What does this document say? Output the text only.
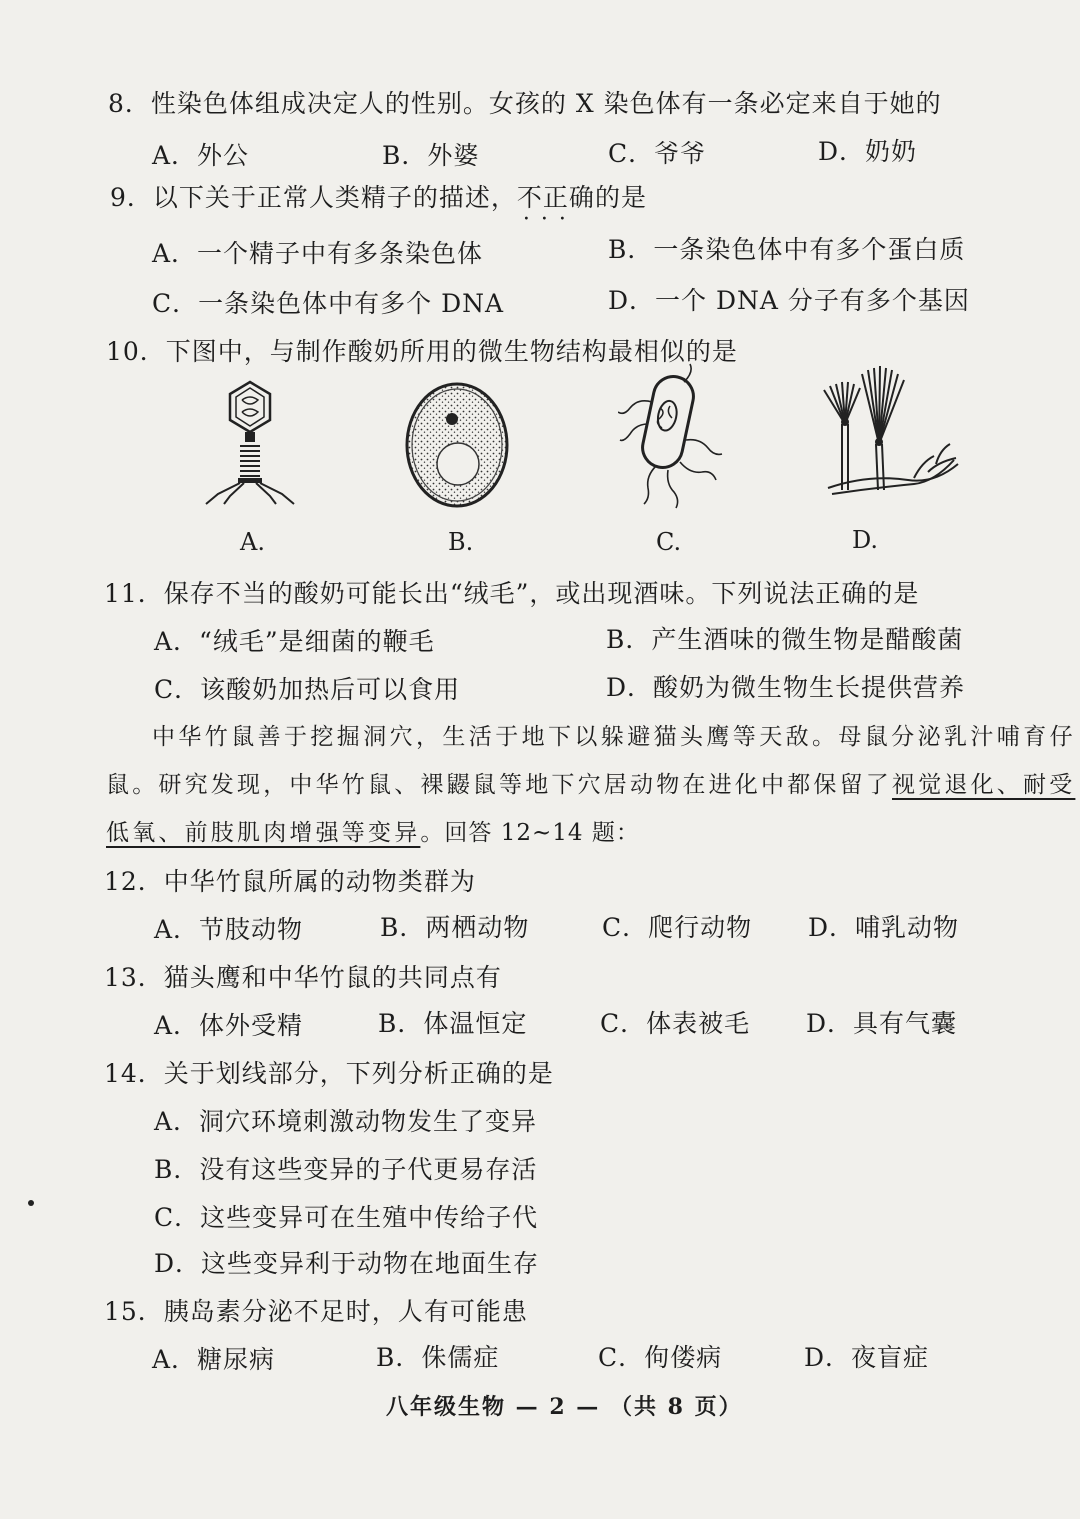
8．性染色体组成决定人的性别。女孩的 X 染色体有一条必定来自于她的
A．外公	B．外婆	C．爷爷	D．奶奶
9．以下关于正常人类精子的描述，不正确 · · ·的是
A．一个精子中有多条染色体	B．一条染色体中有多个蛋白质
C．一条染色体中有多个 DNA	D．一个 DNA 分子有多个基因
10．下图中，与制作酸奶所用的微生物结构最相似的是
A.	B.	C.	D.
11．保存不当的酸奶可能长出“绒毛”，或出现酒味。下列说法正确的是
A．“绒毛”是细菌的鞭毛	B．产生酒味的微生物是醋酸菌
C．该酸奶加热后可以食用	D．酸奶为微生物生长提供营养
中华竹鼠善于挖掘洞穴，生活于地下以躲避猫头鹰等天敌。母鼠分泌乳汁哺育仔
鼠。研究发现，中华竹鼠、裸鼹鼠等地下穴居动物在进化中都保留了视觉退化、耐受
低氧、前肢肌肉增强等变异。回答 12~14 题：
12．中华竹鼠所属的动物类群为
A．节肢动物	B．两栖动物	C．爬行动物 D．哺乳动物
13．猫头鹰和中华竹鼠的共同点有
A．体外受精	B．体温恒定	C．体表被毛 D．具有气囊
14．关于划线部分，下列分析正确的是
A．洞穴环境刺激动物发生了变异
B．没有这些变异的子代更易存活
C．这些变异可在生殖中传给子代
D．这些变异利于动物在地面生存
15．胰岛素分泌不足时，人有可能患
A．糖尿病	B．侏儒症	C．佝偻病	D．夜盲症
八年级生物 — 2 — （共 8 页）
